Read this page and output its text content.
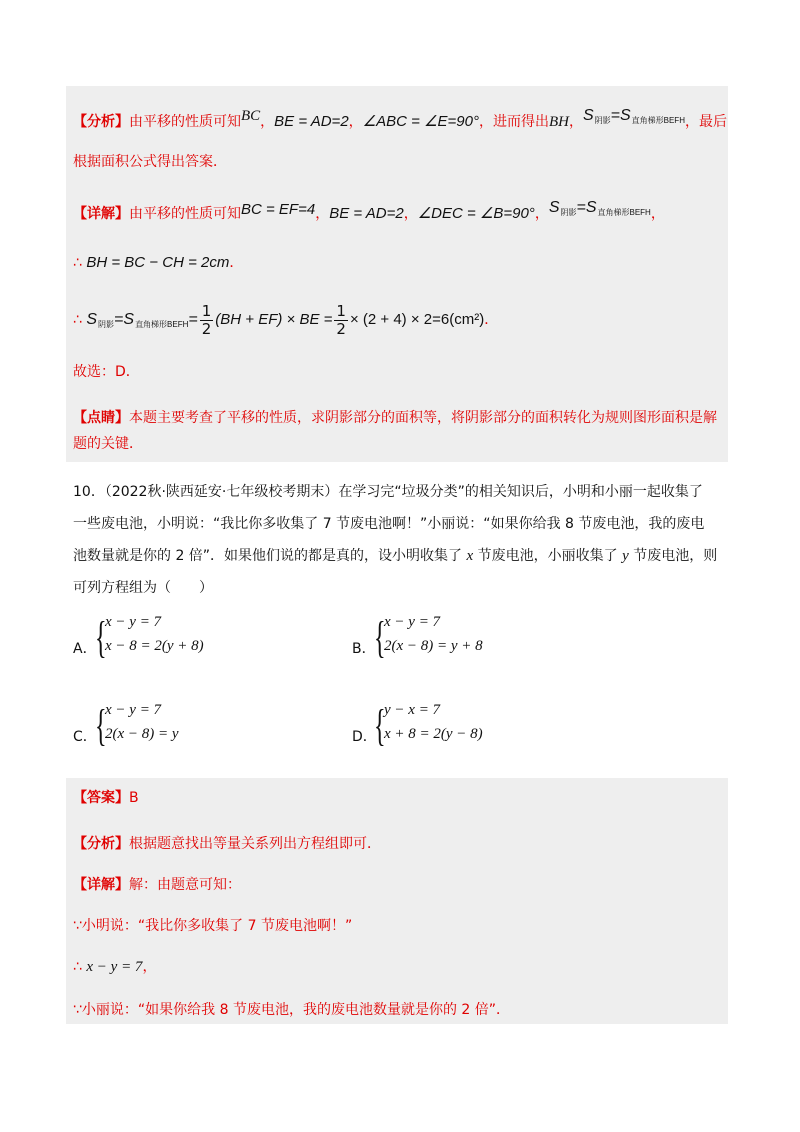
【分析】由平移的性质可知BC，BE = AD=2，∠ABC = ∠E=90°，进而得出BH，$S_{阴影}=S_{直角梯形BEFH}$，最后
根据面积公式得出答案．
【详解】由平移的性质可知BC = EF=4，BE = AD=2，∠DEC = ∠B=90°，$S_{阴影}=S_{直角梯形BEFH}$，
∴ BH = BC − CH = 2cm．
∴ $S_{阴影}=S_{直角梯形BEFH}= \frac{1}{2} (BH + EF)$ × BE = $\frac{1}{2} \times (2 + 4) \times 2=6(cm^2)$．
故选：D．
【点睛】本题主要考查了平移的性质，求阴影部分的面积等，将阴影部分的面积转化为规则图形面积是解
题的关键．
10．（2022秋·陕西延安·七年级校考期末）在学习完“垃圾分类”的相关知识后，小明和小丽一起收集了
一些废电池，小明说：“我比你多收集了 7 节废电池啊！”小丽说：“如果你给我 8 节废电池，我的废电
池数量就是你的 2 倍”．如果他们说的都是真的，设小明收集了 x 节废电池，小丽收集了 y 节废电池，则
可列方程组为（　　）
A．
{
x − y = 7
x − 8 = 2(y + 8)	B．
{
x − y = 7
2(x − 8) = y + 8
C．
{
x − y = 7
2(x − 8) = y	D．
{
y − x = 7
x + 8 = 2(y − 8)
【答案】B
【分析】根据题意找出等量关系列出方程组即可．
【详解】解：由题意可知：
∵小明说：“我比你多收集了 7 节废电池啊！”
∴ x − y = 7，
∵小丽说：“如果你给我 8 节废电池，我的废电池数量就是你的 2 倍”．
